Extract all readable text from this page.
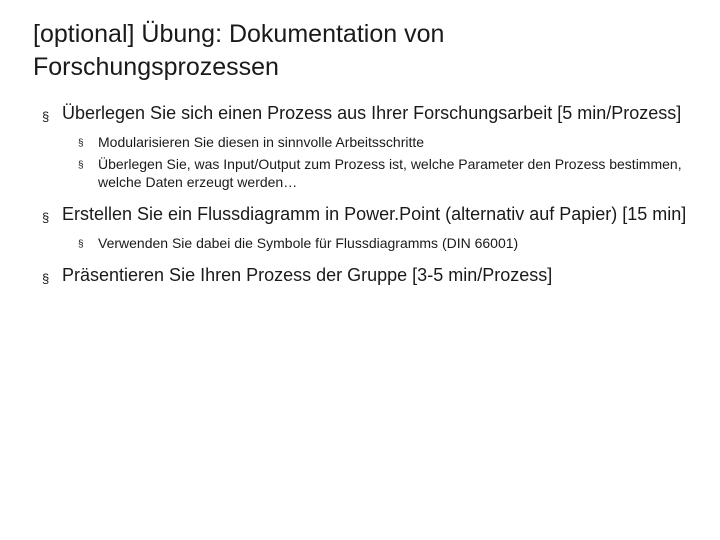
[optional] Übung: Dokumentation von Forschungsprozessen
§ Überlegen Sie sich einen Prozess aus Ihrer Forschungsarbeit [5 min/Prozess]
§ Modularisieren Sie diesen in sinnvolle Arbeitsschritte
§ Überlegen Sie, was Input/Output zum Prozess ist, welche Parameter den Prozess bestimmen, welche Daten erzeugt werden…
§ Erstellen Sie ein Flussdiagramm in Power.Point (alternativ auf Papier) [15 min]
§ Verwenden Sie dabei die Symbole für Flussdiagramms (DIN 66001)
§ Präsentieren Sie Ihren Prozess der Gruppe [3-5 min/Prozess]
